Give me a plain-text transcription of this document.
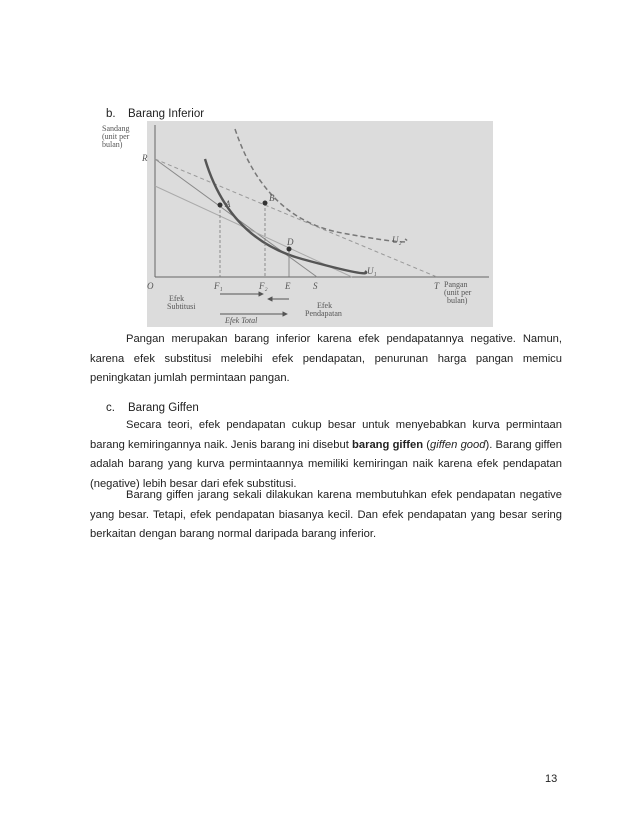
b. Barang Inferior
Sandang (unit per bulan)
R
O
A
B
D	U₂
U₁
F₁	F₂ E	S	T Pangan (unit per bulan)
Efek Subtitusi	Efek Pendapatan
Efek Total

Pangan merupakan barang inferior karena efek pendapatannya negative. Namun, karena efek substitusi melebihi efek pendapatan, penurunan harga pangan memicu peningkatan jumlah permintaan pangan.

c. Barang Giffen

Secara teori, efek pendapatan cukup besar untuk menyebabkan kurva permintaan barang kemiringannya naik. Jenis barang ini disebut barang giffen (giffen good). Barang giffen adalah barang yang kurva permintaannya memiliki kemiringan naik karena efek pendapatan (negative) lebih besar dari efek substitusi.

Barang giffen jarang sekali dilakukan karena membutuhkan efek pendapatan negative yang besar. Tetapi, efek pendapatan biasanya kecil. Dan efek pendapatan yang besar sering berkaitan dengan barang normal daripada barang inferior.

13
